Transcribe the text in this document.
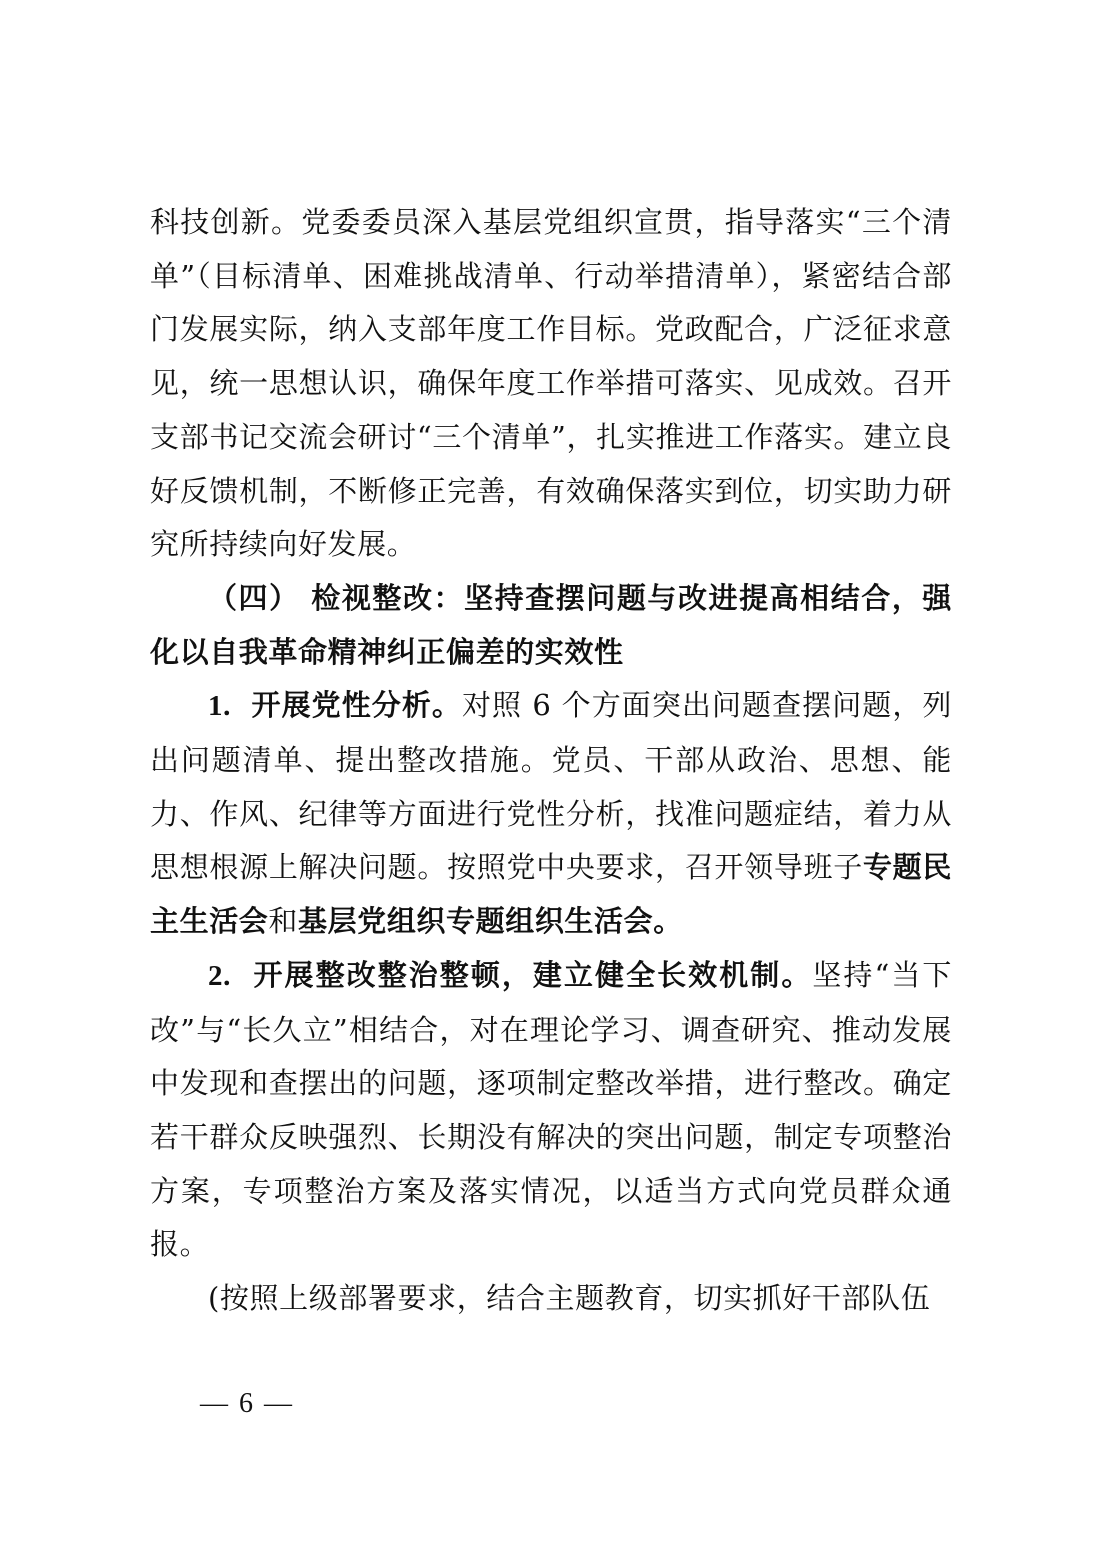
科技创新。党委委员深入基层党组织宣贯，指导落实“三个清单”（目标清单、困难挑战清单、行动举措清单），紧密结合部门发展实际，纳入支部年度工作目标。党政配合，广泛征求意见，统一思想认识，确保年度工作举措可落实、见成效。召开支部书记交流会研讨“三个清单”，扎实推进工作落实。建立良好反馈机制，不断修正完善，有效确保落实到位，切实助力研究所持续向好发展。

（四） 检视整改：坚持查摆问题与改进提高相结合，强化以自我革命精神纠正偏差的实效性

1. 开展党性分析。对照 6 个方面突出问题查摆问题，列出问题清单、提出整改措施。党员、干部从政治、思想、能力、作风、纪律等方面进行党性分析，找准问题症结，着力从思想根源上解决问题。按照党中央要求，召开领导班子专题民主生活会和基层党组织专题组织生活会。

2. 开展整改整治整顿，建立健全长效机制。坚持“当下改”与“长久立”相结合，对在理论学习、调查研究、推动发展中发现和查摆出的问题，逐项制定整改举措，进行整改。确定若干群众反映强烈、长期没有解决的突出问题，制定专项整治方案，专项整治方案及落实情况，以适当方式向党员群众通报。

(按照上级部署要求，结合主题教育，切实抓好干部队伍

— 6 —
